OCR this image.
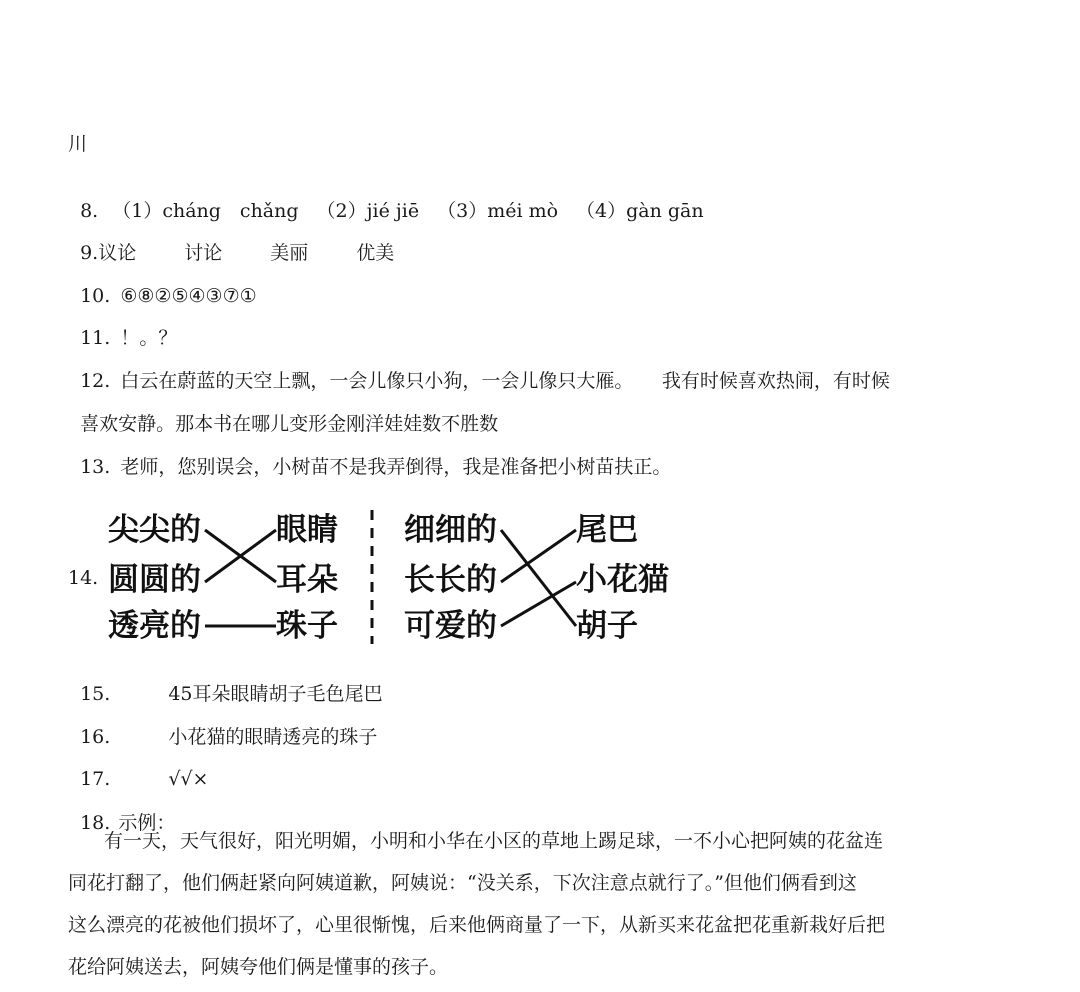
川

8. （1）cháng　chǎng （2）jié jiē （3）méi mò （4）gàn gān

9.议论	讨论	美丽	优美

10. ⑥⑧②⑤④③⑦①

11. ！。？

12. 白云在蔚蓝的天空上飘，一会儿像只小狗，一会儿像只大雁。　　我有时候喜欢热闹，有时候

喜欢安静。那本书在哪儿变形金刚洋娃娃数不胜数

13. 老师，您别误会，小树苗不是我弄倒得，我是准备把小树苗扶正。

14.
尖尖的
圆圆的
透亮的
眼睛
耳朵
珠子
细细的
长长的
可爱的
尾巴
小花猫
胡子

15.	45耳朵眼睛胡子毛色尾巴

16.	小花猫的眼睛透亮的珠子

17.	√√×

18. 示例：

有一天，天气很好，阳光明媚，小明和小华在小区的草地上踢足球，一不小心把阿姨的花盆连
同花打翻了，他们俩赶紧向阿姨道歉，阿姨说：“没关系，下次注意点就行了。”但他们俩看到这
这么漂亮的花被他们损坏了，心里很惭愧，后来他俩商量了一下，从新买来花盆把花重新栽好后把
花给阿姨送去，阿姨夸他们俩是懂事的孩子。
